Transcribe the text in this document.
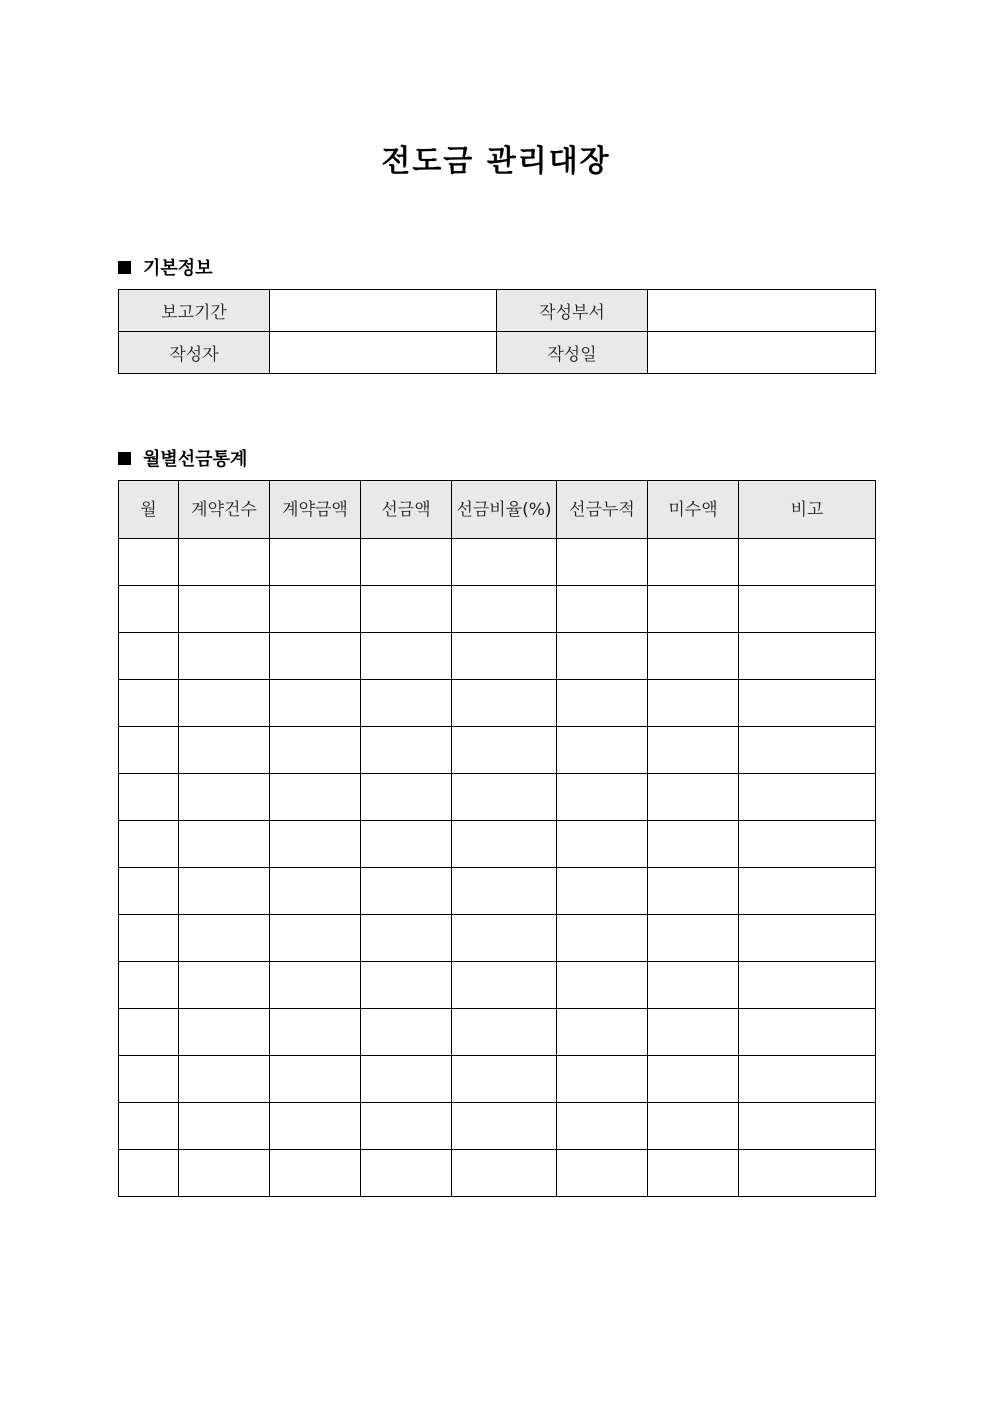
전도금 관리대장
기본정보
보고기간		작성부서	
작성자		작성일	
월별선금통계
월	계약건수	계약금액	선금액	선금비율(%)	선금누적	미수액	비고
